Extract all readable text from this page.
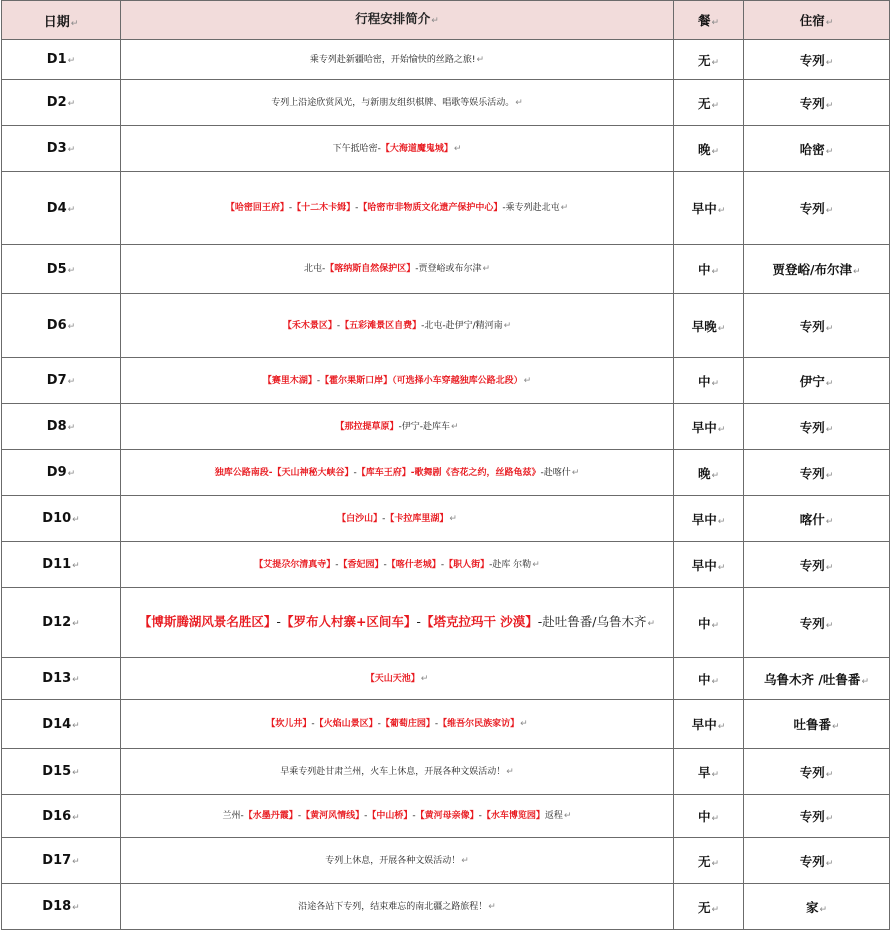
日期↵	行程安排简介↵	餐↵	住宿↵
D1↵	乘专列赴新疆哈密，开始愉快的丝路之旅!↵	无↵	专列↵
D2↵	专列上沿途欣赏风光，与新朋友组织棋牌、唱歌等娱乐活动。↵	无↵	专列↵
D3↵	下午抵哈密-【大海道魔鬼城】↵	晚↵	哈密↵
D4↵	【哈密回王府】-【十二木卡姆】-【哈密市非物质文化遗产保护中心】-乘专列赴北屯↵	早中↵	专列↵
D5↵	北屯-【喀纳斯自然保护区】-贾登峪或布尔津↵	中↵	贾登峪/布尔津↵
D6↵	【禾木景区】-【五彩滩景区自费】-北屯-赴伊宁/精河南↵	早晚↵	专列↵
D7↵	【赛里木湖】-【霍尔果斯口岸】（可选择小车穿越独库公路北段）↵	中↵	伊宁↵
D8↵	【那拉提草原】-伊宁-赴库车↵	早中↵	专列↵
D9↵	独库公路南段-【天山神秘大峡谷】-【库车王府】-歌舞剧《杏花之约，丝路龟兹》-赴喀什↵	晚↵	专列↵
D10↵	【白沙山】-【卡拉库里湖】↵	早中↵	喀什↵
D11↵	【艾提尕尔清真寺】-【香妃园】-【喀什老城】-【职人街】-赴库 尔勒↵	早中↵	专列↵
D12↵	【博斯腾湖风景名胜区】-【罗布人村寨+区间车】-【塔克拉玛干 沙漠】-赴吐鲁番/乌鲁木齐↵	中↵	专列↵
D13↵	【天山天池】↵	中↵	乌鲁木齐 /吐鲁番↵
D14↵	【坎儿井】-【火焰山景区】-【葡萄庄园】-【维吾尔民族家访】↵	早中↵	吐鲁番↵
D15↵	早乘专列赴甘肃兰州，火车上休息，开展各种文娱活动！↵	早↵	专列↵
D16↵	兰州-【水墨丹霞】-【黄河风情线】-【中山桥】-【黄河母亲像】-【水车博览园】返程↵	中↵	专列↵
D17↵	专列上休息，开展各种文娱活动！↵	无↵	专列↵
D18↵	沿途各站下专列，结束难忘的南北疆之路旅程！↵	无↵	家↵
